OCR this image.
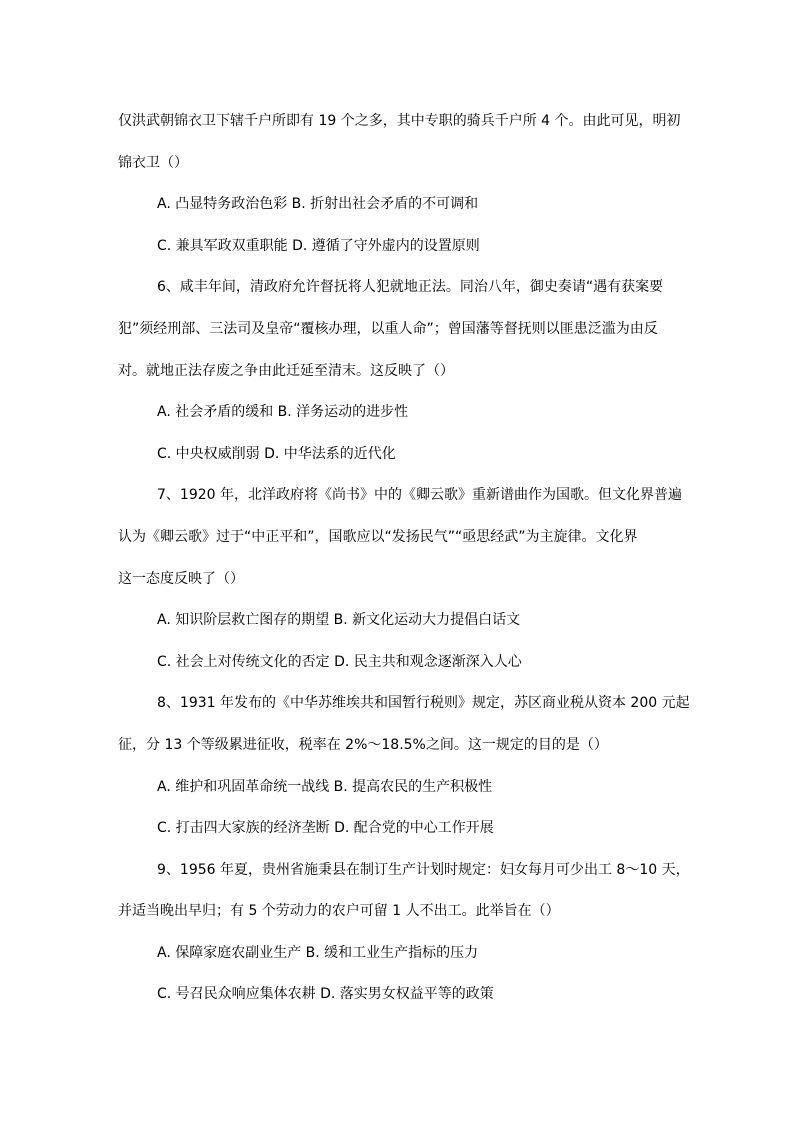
仅洪武朝锦衣卫下辖千户所即有 19 个之多，其中专职的骑兵千户所 4 个。由此可见，明初
锦衣卫（）
A. 凸显特务政治色彩 B. 折射出社会矛盾的不可调和
C. 兼具军政双重职能 D. 遵循了守外虚内的设置原则
6、咸丰年间，清政府允许督抚将人犯就地正法。同治八年，御史奏请“遇有获案要
犯”须经刑部、三法司及皇帝“覆核办理，以重人命”；曾国藩等督抚则以匪患泛滥为由反
对。就地正法存废之争由此迁延至清末。这反映了（）
A. 社会矛盾的缓和 B. 洋务运动的进步性
C. 中央权威削弱 D. 中华法系的近代化
7、1920 年，北洋政府将《尚书》中的《卿云歌》重新谱曲作为国歌。但文化界普遍
认为《卿云歌》过于“中正平和”，国歌应以“发扬民气”“亟思经武”为主旋律。文化界
这一态度反映了（）
A. 知识阶层救亡图存的期望 B. 新文化运动大力提倡白话文
C. 社会上对传统文化的否定 D. 民主共和观念逐渐深入人心
8、1931 年发布的《中华苏维埃共和国暂行税则》规定，苏区商业税从资本 200 元起
征，分 13 个等级累进征收，税率在 2%～18.5%之间。这一规定的目的是（）
A. 维护和巩固革命统一战线 B. 提高农民的生产积极性
C. 打击四大家族的经济垄断 D. 配合党的中心工作开展
9、1956 年夏，贵州省施秉县在制订生产计划时规定：妇女每月可少出工 8～10 天，
并适当晚出早归；有 5 个劳动力的农户可留 1 人不出工。此举旨在（）
A. 保障家庭农副业生产 B. 缓和工业生产指标的压力
C. 号召民众响应集体农耕 D. 落实男女权益平等的政策
